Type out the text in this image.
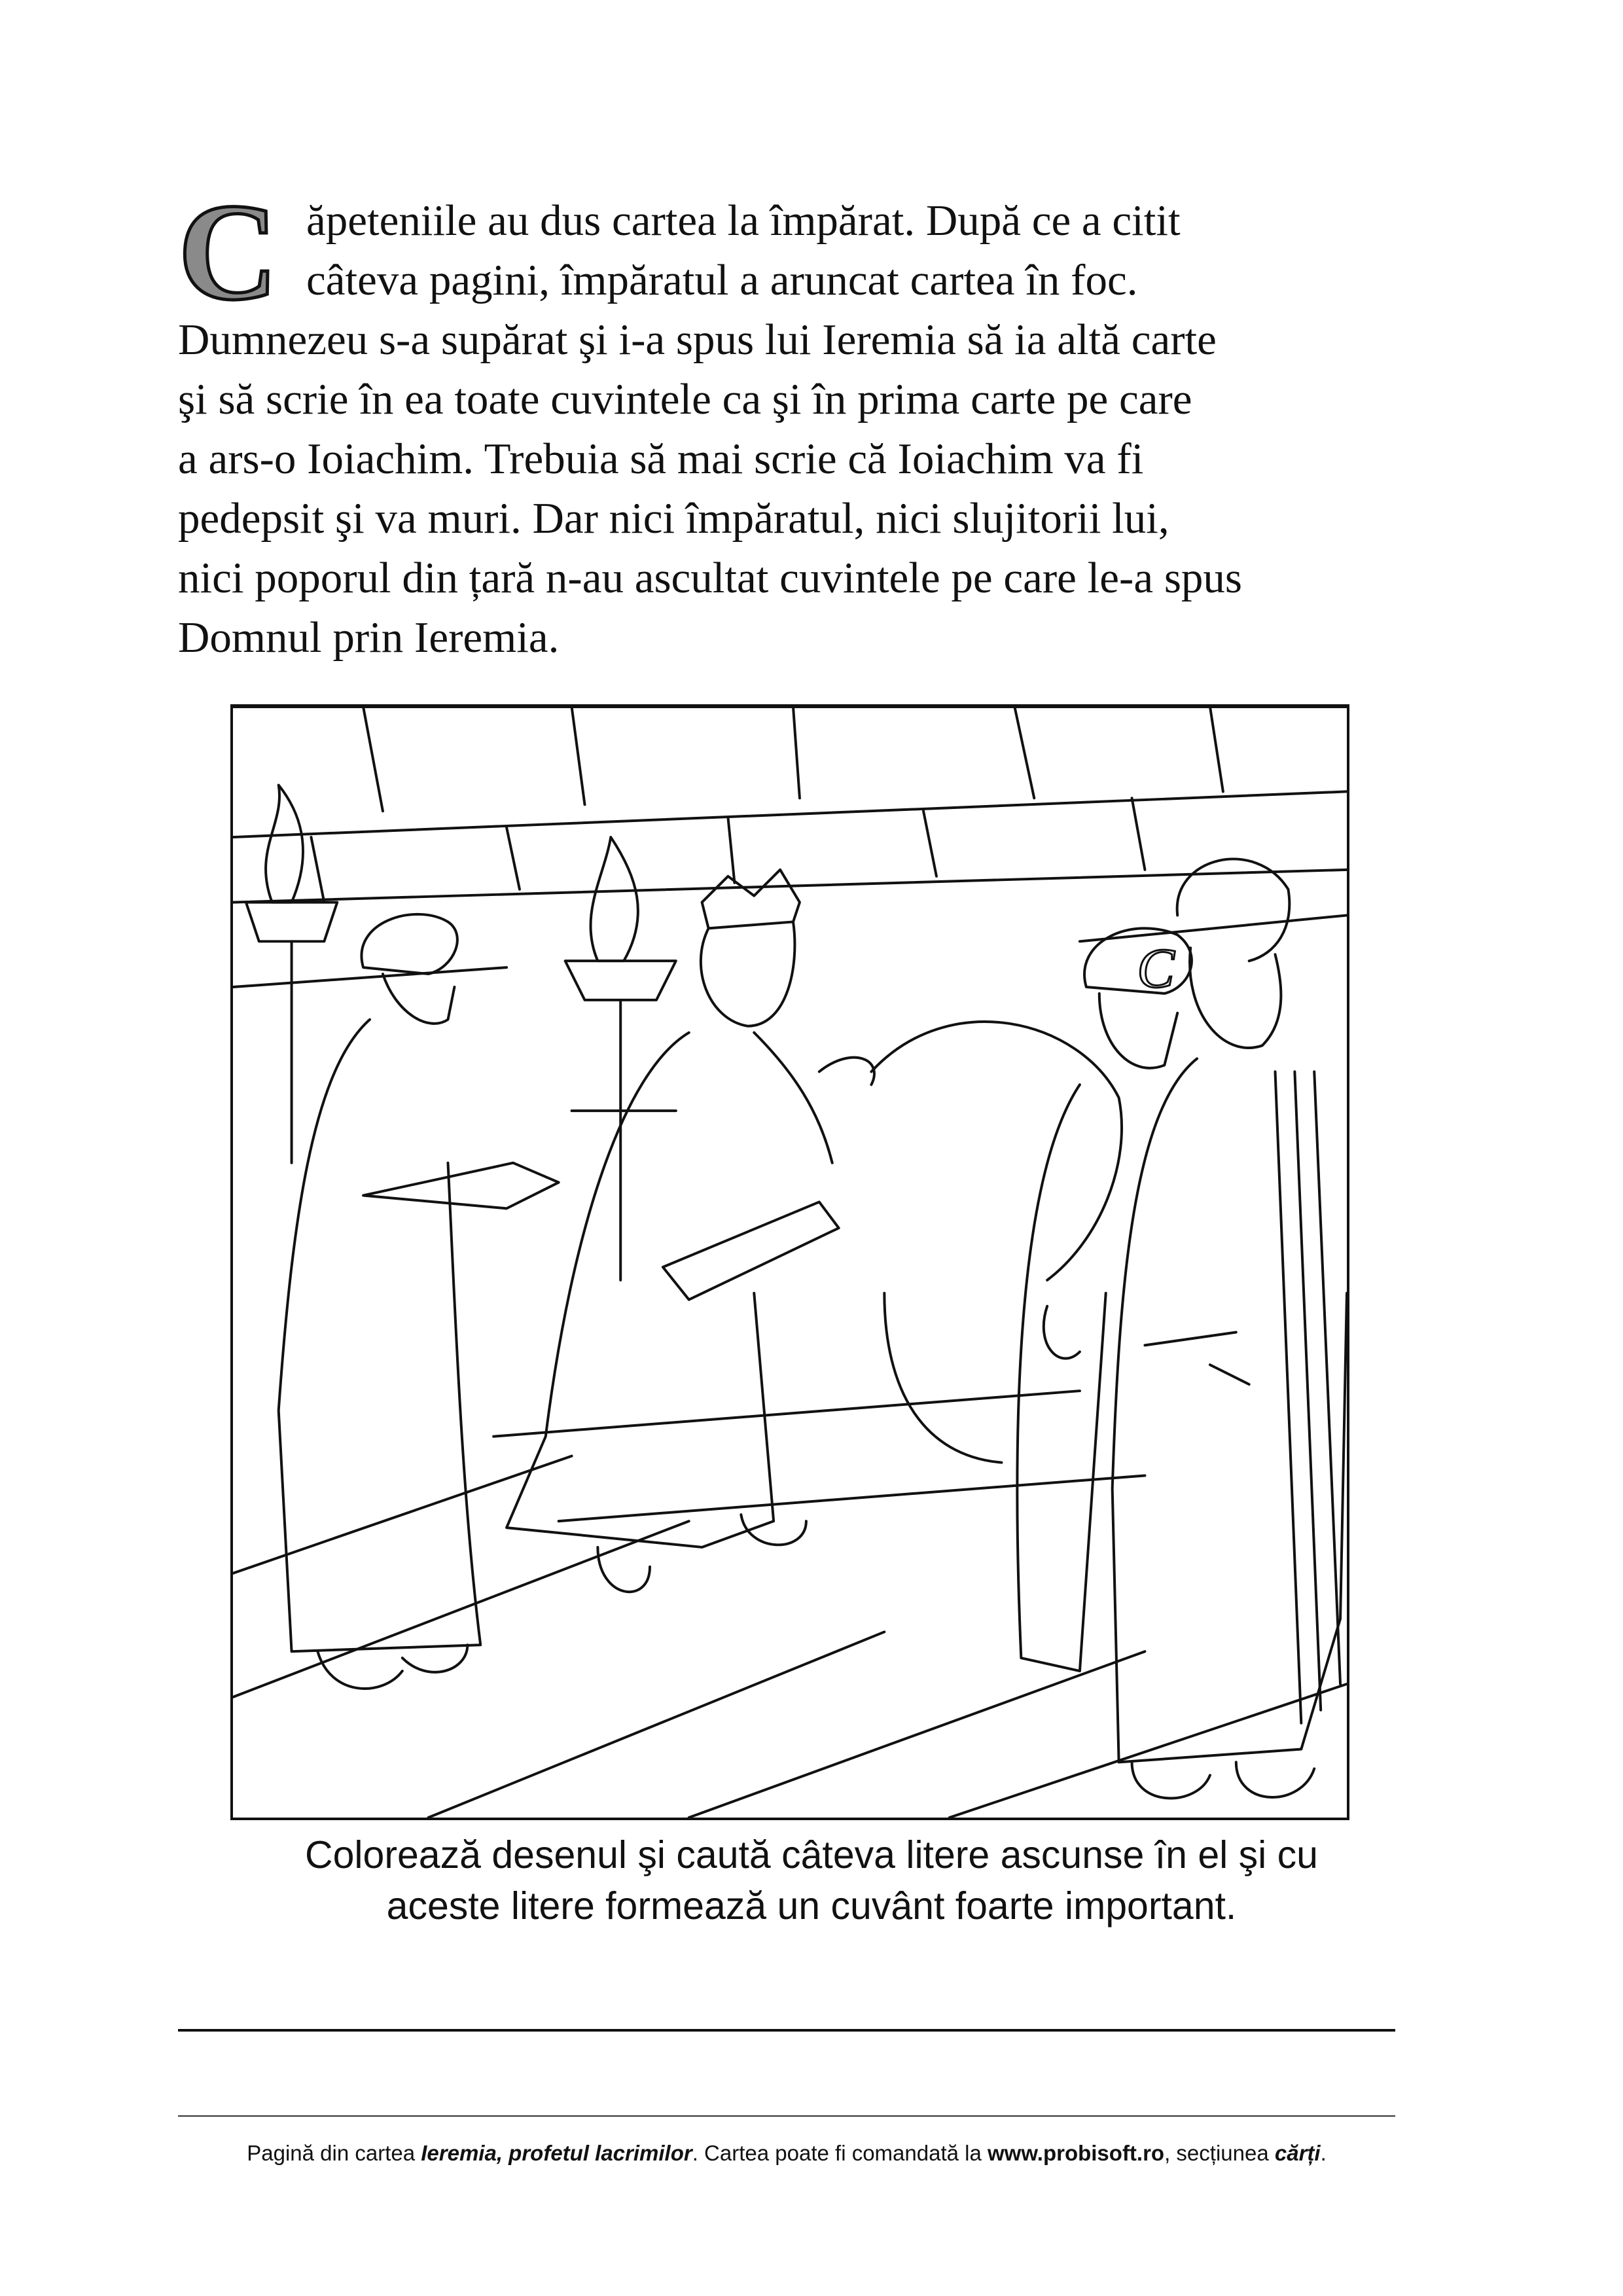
C ăpeteniile au dus cartea la împărat. După ce a citit
câteva pagini, împăratul a aruncat cartea în foc.
Dumnezeu s-a supărat şi i-a spus lui Ieremia să ia altă carte
şi să scrie în ea toate cuvintele ca şi în prima carte pe care
a ars-o Ioiachim. Trebuia să mai scrie că Ioiachim va fi
pedepsit şi va muri. Dar nici împăratul, nici slujitorii lui,
nici poporul din țară n-au ascultat cuvintele pe care le-a spus
Domnul prin Ieremia.
C
Colorează desenul şi caută câteva litere ascunse în el şi cu
aceste litere formează un cuvânt foarte important.
Pagină din cartea Ieremia, profetul lacrimilor. Cartea poate fi comandată la www.probisoft.ro, secțiunea cărți.
